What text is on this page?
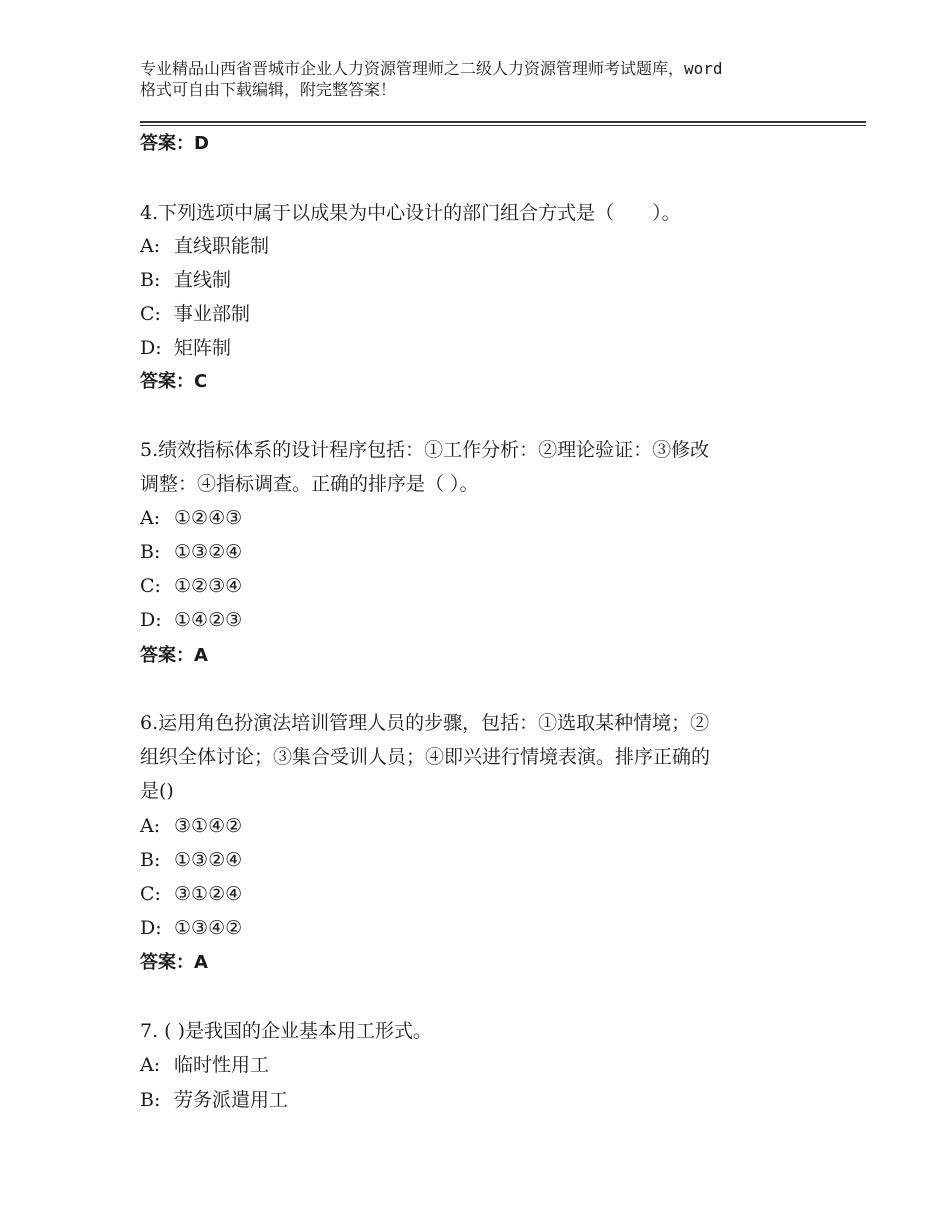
专业精品山西省晋城市企业人力资源管理师之二级人力资源管理师考试题库，word
格式可自由下载编辑，附完整答案！
答案：D
4.下列选项中属于以成果为中心设计的部门组合方式是（　　）。
A: 直线职能制
B: 直线制
C: 事业部制
D: 矩阵制
答案：C
5.绩效指标体系的设计程序包括：①工作分析：②理论验证：③修改
调整：④指标调查。正确的排序是（ ）。
A: ①②④③
B: ①③②④
C: ①②③④
D: ①④②③
答案：A
6.运用角色扮演法培训管理人员的步骤，包括：①选取某种情境；②
组织全体讨论；③集合受训人员；④即兴进行情境表演。排序正确的
是()
A: ③①④②
B: ①③②④
C: ③①②④
D: ①③④②
答案：A
7. ( )是我国的企业基本用工形式。
A: 临时性用工
B: 劳务派遣用工
